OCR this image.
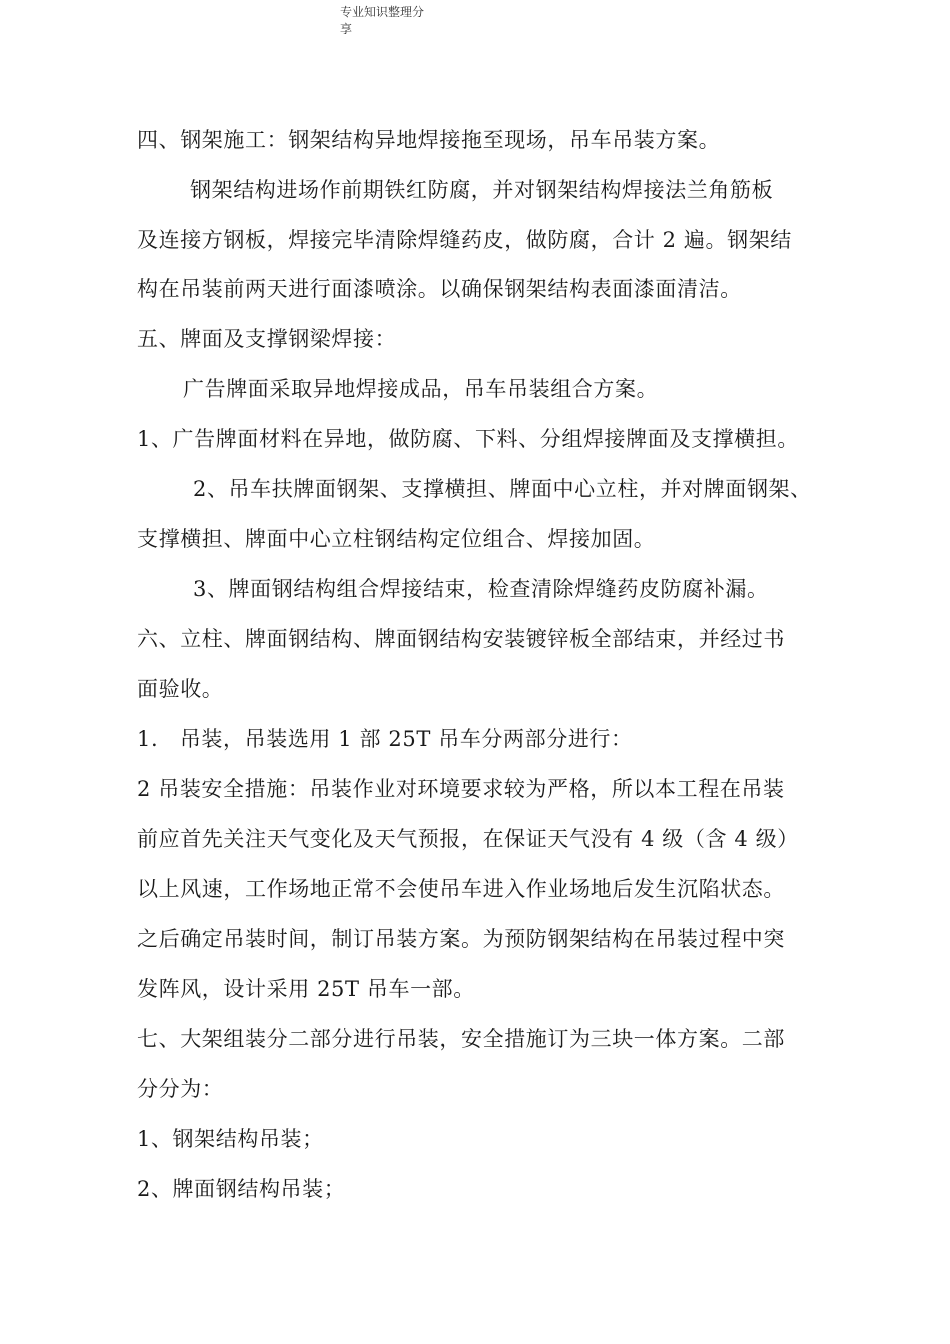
专业知识整理分
享
四、钢架施工：钢架结构异地焊接拖至现场，吊车吊装方案。
钢架结构进场作前期铁红防腐，并对钢架结构焊接法兰角筋板
及连接方钢板，焊接完毕清除焊缝药皮，做防腐，合计 2 遍。钢架结
构在吊装前两天进行面漆喷涂。以确保钢架结构表面漆面清洁。
五、牌面及支撑钢梁焊接：
广告牌面采取异地焊接成品，吊车吊装组合方案。
1、广告牌面材料在异地，做防腐、下料、分组焊接牌面及支撑横担。
2、吊车扶牌面钢架、支撑横担、牌面中心立柱，并对牌面钢架、
支撑横担、牌面中心立柱钢结构定位组合、焊接加固。
3、牌面钢结构组合焊接结束，检查清除焊缝药皮防腐补漏。
六、立柱、牌面钢结构、牌面钢结构安装镀锌板全部结束，并经过书
面验收。
1.　吊装，吊装选用 1 部 25T 吊车分两部分进行：
2 吊装安全措施：吊装作业对环境要求较为严格，所以本工程在吊装
前应首先关注天气变化及天气预报，在保证天气没有 4 级（含 4 级）
以上风速，工作场地正常不会使吊车进入作业场地后发生沉陷状态。
之后确定吊装时间，制订吊装方案。为预防钢架结构在吊装过程中突
发阵风，设计采用 25T 吊车一部。
七、大架组装分二部分进行吊装，安全措施订为三块一体方案。二部
分分为：
1、钢架结构吊装；
2、牌面钢结构吊装；
